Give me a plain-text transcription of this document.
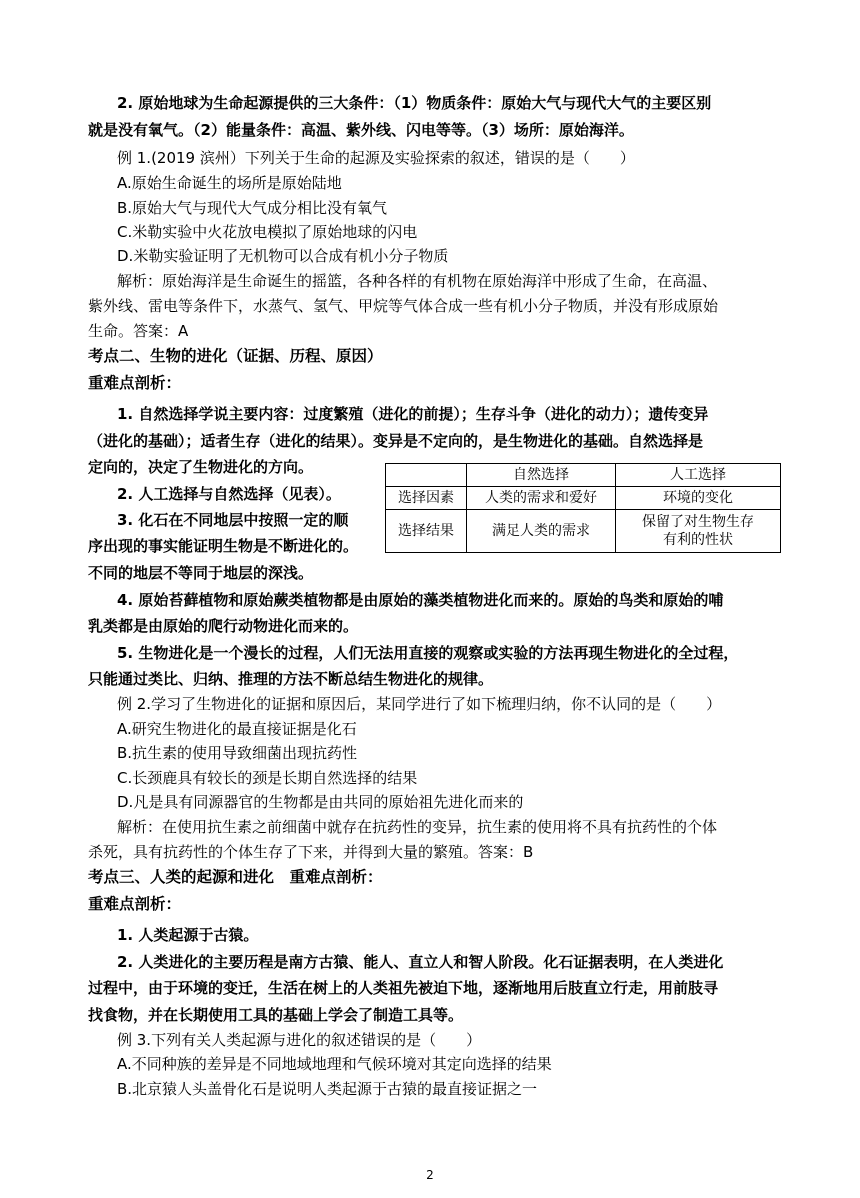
2. 原始地球为生命起源提供的三大条件：（1）物质条件：原始大气与现代大气的主要区别
就是没有氧气。（2）能量条件：高温、紫外线、闪电等等。（3）场所：原始海洋。
例 1.(2019 滨州）下列关于生命的起源及实验探索的叙述，错误的是（　　）
A.原始生命诞生的场所是原始陆地
B.原始大气与现代大气成分相比没有氧气
C.米勒实验中火花放电模拟了原始地球的闪电
D.米勒实验证明了无机物可以合成有机小分子物质
解析：原始海洋是生命诞生的摇篮，各种各样的有机物在原始海洋中形成了生命，在高温、
紫外线、雷电等条件下，水蒸气、氢气、甲烷等气体合成一些有机小分子物质，并没有形成原始
生命。答案：A
考点二、生物的进化（证据、历程、原因）
重难点剖析：
1. 自然选择学说主要内容：过度繁殖（进化的前提）；生存斗争（进化的动力）；遗传变异
（进化的基础）；适者生存（进化的结果）。变异是不定向的，是生物进化的基础。自然选择是
定向的，决定了生物进化的方向。
2. 人工选择与自然选择（见表）。
3. 化石在不同地层中按照一定的顺
序出现的事实能证明生物是不断进化的。
不同的地层不等同于地层的深浅。
	自然选择	人工选择
选择因素	人类的需求和爱好	环境的变化
选择结果	满足人类的需求	保留了对生物生存
有利的性状
4. 原始苔藓植物和原始蕨类植物都是由原始的藻类植物进化而来的。原始的鸟类和原始的哺
乳类都是由原始的爬行动物进化而来的。
5. 生物进化是一个漫长的过程，人们无法用直接的观察或实验的方法再现生物进化的全过程，
只能通过类比、归纳、推理的方法不断总结生物进化的规律。
例 2.学习了生物进化的证据和原因后，某同学进行了如下梳理归纳，你不认同的是（　　）
A.研究生物进化的最直接证据是化石
B.抗生素的使用导致细菌出现抗药性
C.长颈鹿具有较长的颈是长期自然选择的结果
D.凡是具有同源器官的生物都是由共同的原始祖先进化而来的
解析：在使用抗生素之前细菌中就存在抗药性的变异，抗生素的使用将不具有抗药性的个体
杀死，具有抗药性的个体生存了下来，并得到大量的繁殖。答案：B
考点三、人类的起源和进化　重难点剖析：
重难点剖析：
1. 人类起源于古猿。
2. 人类进化的主要历程是南方古猿、能人、直立人和智人阶段。化石证据表明，在人类进化
过程中，由于环境的变迁，生活在树上的人类祖先被迫下地，逐渐地用后肢直立行走，用前肢寻
找食物，并在长期使用工具的基础上学会了制造工具等。
例 3.下列有关人类起源与进化的叙述错误的是（　　）
A.不同种族的差异是不同地域地理和气候环境对其定向选择的结果
B.北京猿人头盖骨化石是说明人类起源于古猿的最直接证据之一
2
